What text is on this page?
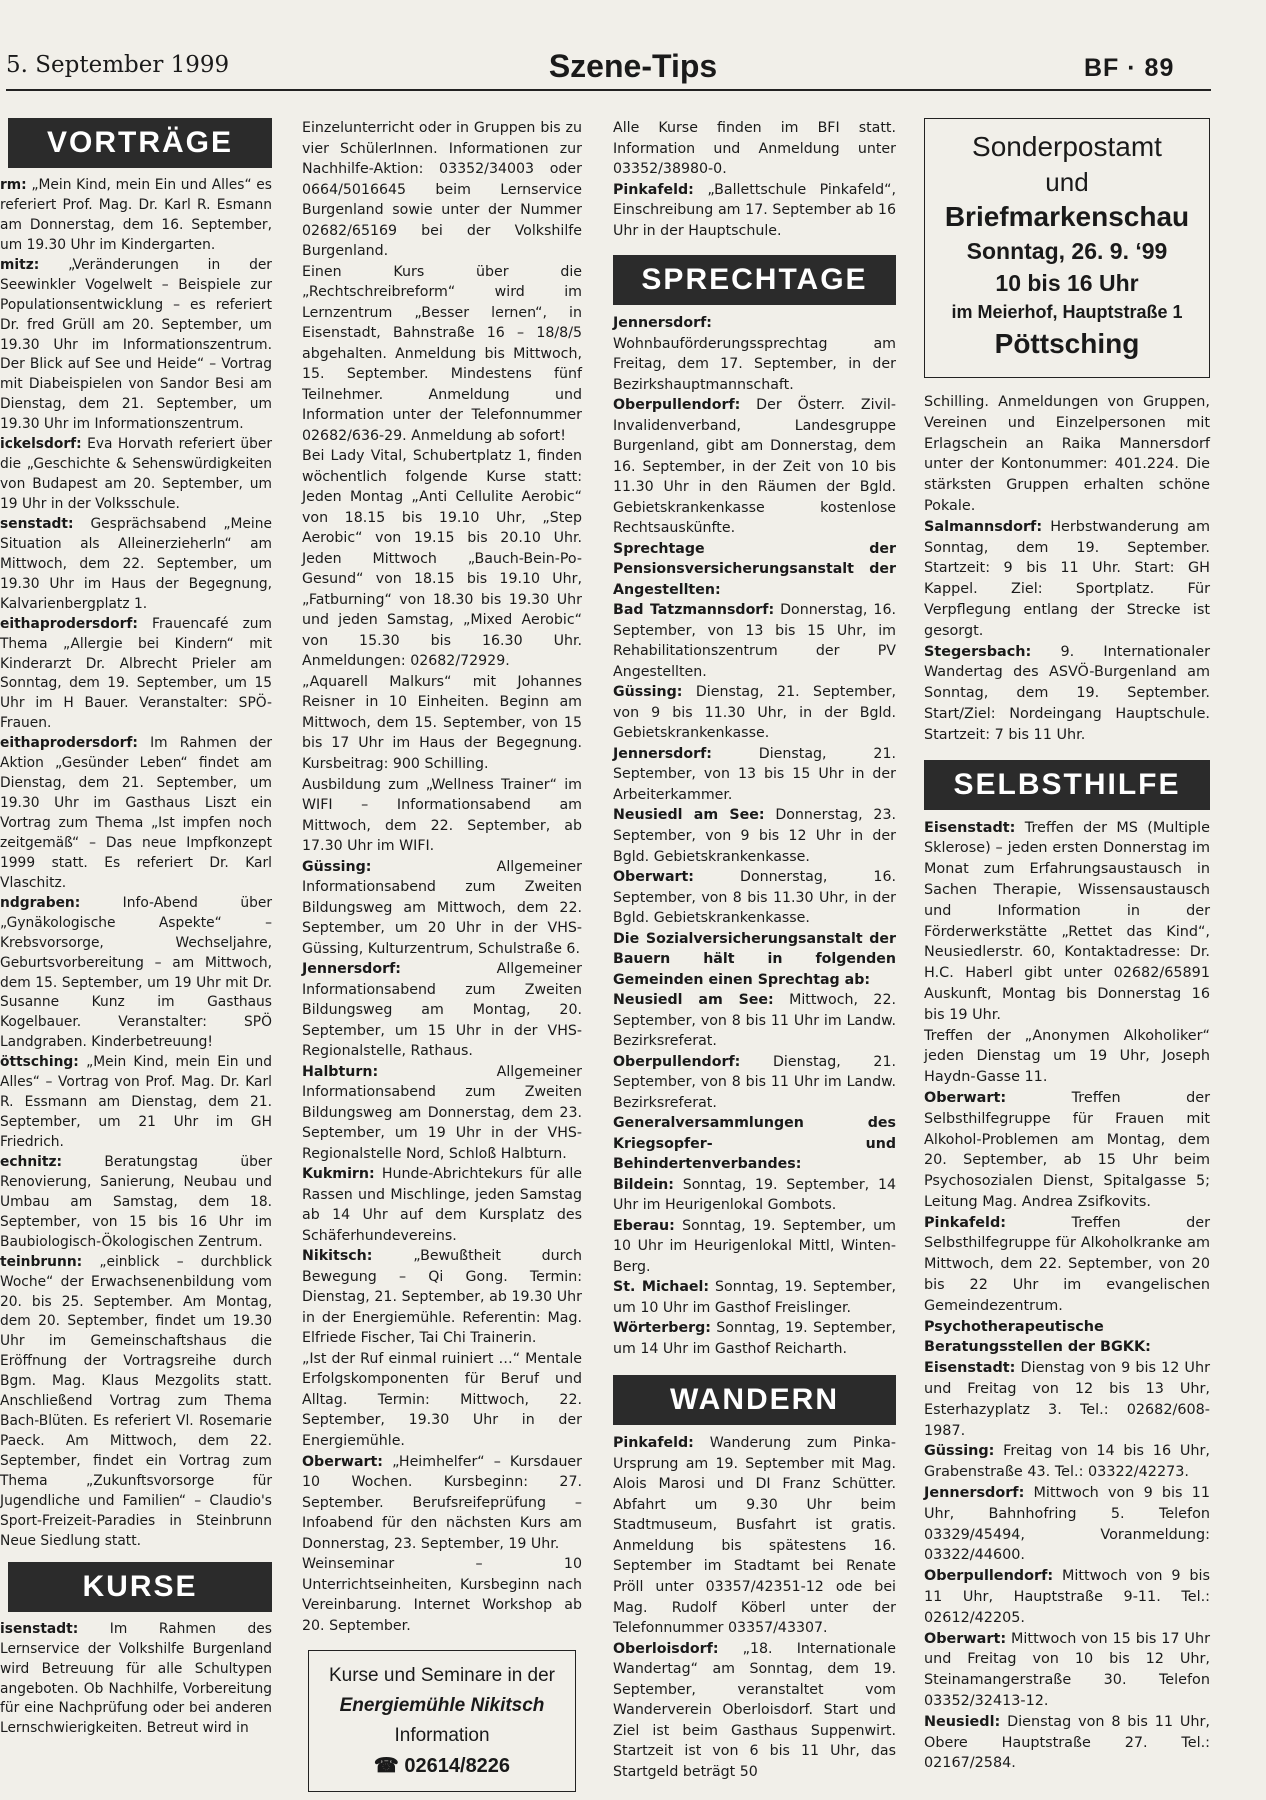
5. September 1999	Szene-Tips	BF · 89
VORTRÄGE

rm: „Mein Kind, mein Ein und Alles“ es referiert Prof. Mag. Dr. Karl R. Esmann am Donnerstag, dem 16. September, um 19.30 Uhr im Kindergarten.

mitz: „Veränderungen in der Seewinkler Vogelwelt – Beispiele zur Populationsentwicklung – es referiert Dr. fred Grüll am 20. September, um 19.30 Uhr im Informationszentrum. Der Blick auf See und Heide“ – Vortrag mit Diabeispielen von Sandor Besi am Dienstag, dem 21. September, um 19.30 Uhr im Informationszentrum.

ickelsdorf: Eva Horvath referiert über die „Geschichte & Sehenswürdigkeiten von Budapest am 20. September, um 19 Uhr in der Volksschule.

senstadt: Gesprächsabend „Meine Situation als Alleinerzieherln“ am Mittwoch, dem 22. September, um 19.30 Uhr im Haus der Begegnung, Kalvarienbergplatz 1.

eithaprodersdorf: Frauencafé zum Thema „Allergie bei Kindern“ mit Kinderarzt Dr. Albrecht Prieler am Sonntag, dem 19. September, um 15 Uhr im H Bauer. Veranstalter: SPÖ-Frauen.

eithaprodersdorf: Im Rahmen der Aktion „Gesünder Leben“ findet am Dienstag, dem 21. September, um 19.30 Uhr im Gasthaus Liszt ein Vortrag zum Thema „Ist impfen noch zeitgemäß“ – Das neue Impfkonzept 1999 statt. Es referiert Dr. Karl Vlaschitz.

ndgraben: Info-Abend über „Gynäkologische Aspekte“ – Krebsvorsorge, Wechseljahre, Geburtsvorbereitung – am Mittwoch, dem 15. September, um 19 Uhr mit Dr. Susanne Kunz im Gasthaus Kogelbauer. Veranstalter: SPÖ Landgraben. Kinderbetreuung!

öttsching: „Mein Kind, mein Ein und Alles“ – Vortrag von Prof. Mag. Dr. Karl R. Essmann am Dienstag, dem 21. September, um 21 Uhr im GH Friedrich.

echnitz: Beratungstag über Renovierung, Sanierung, Neubau und Umbau am Samstag, dem 18. September, von 15 bis 16 Uhr im Baubiologisch-Ökologischen Zentrum.

teinbrunn: „einblick – durchblick Woche“ der Erwachsenenbildung vom 20. bis 25. September. Am Montag, dem 20. September, findet um 19.30 Uhr im Gemeinschaftshaus die Eröffnung der Vortragsreihe durch Bgm. Mag. Klaus Mezgolits statt. Anschließend Vortrag zum Thema Bach-Blüten. Es referiert Vl. Rosemarie Paeck. Am Mittwoch, dem 22. September, findet ein Vortrag zum Thema „Zukunftsvorsorge für Jugendliche und Familien“ – Claudio's Sport-Freizeit-Paradies in Steinbrunn Neue Siedlung statt.

KURSE

isenstadt: Im Rahmen des Lernservice der Volkshilfe Burgenland wird Betreuung für alle Schultypen angeboten. Ob Nachhilfe, Vorbereitung für eine Nachprüfung oder bei anderen Lernschwierigkeiten. Betreut wird in

Einzelunterricht oder in Gruppen bis zu vier SchülerInnen. Informationen zur Nachhilfe-Aktion: 03352/34003 oder 0664/5016645 beim Lernservice Burgenland sowie unter der Nummer 02682/65169 bei der Volkshilfe Burgenland.

Einen Kurs über die „Rechtschreibreform“ wird im Lernzentrum „Besser lernen“, in Eisenstadt, Bahnstraße 16 – 18/8/5 abgehalten. Anmeldung bis Mittwoch, 15. September. Mindestens fünf Teilnehmer. Anmeldung und Information unter der Telefonnummer 02682/636-29. Anmeldung ab sofort!

Bei Lady Vital, Schubertplatz 1, finden wöchentlich folgende Kurse statt: Jeden Montag „Anti Cellulite Aerobic“ von 18.15 bis 19.10 Uhr, „Step Aerobic“ von 19.15 bis 20.10 Uhr. Jeden Mittwoch „Bauch-Bein-Po-Gesund“ von 18.15 bis 19.10 Uhr, „Fatburning“ von 18.30 bis 19.30 Uhr und jeden Samstag, „Mixed Aerobic“ von 15.30 bis 16.30 Uhr. Anmeldungen: 02682/72929.

„Aquarell Malkurs“ mit Johannes Reisner in 10 Einheiten. Beginn am Mittwoch, dem 15. September, von 15 bis 17 Uhr im Haus der Begegnung. Kursbeitrag: 900 Schilling.

Ausbildung zum „Wellness Trainer“ im WIFI – Informationsabend am Mittwoch, dem 22. September, ab 17.30 Uhr im WIFI.

Güssing: Allgemeiner Informationsabend zum Zweiten Bildungsweg am Mittwoch, dem 22. September, um 20 Uhr in der VHS-Güssing, Kulturzentrum, Schulstraße 6.

Jennersdorf: Allgemeiner Informationsabend zum Zweiten Bildungsweg am Montag, 20. September, um 15 Uhr in der VHS-Regionalstelle, Rathaus.

Halbturn: Allgemeiner Informationsabend zum Zweiten Bildungsweg am Donnerstag, dem 23. September, um 19 Uhr in der VHS-Regionalstelle Nord, Schloß Halbturn.

Kukmirn: Hunde-Abrichtekurs für alle Rassen und Mischlinge, jeden Samstag ab 14 Uhr auf dem Kursplatz des Schäferhundevereins.

Nikitsch: „Bewußtheit durch Bewegung – Qi Gong. Termin: Dienstag, 21. September, ab 19.30 Uhr in der Energiemühle. Referentin: Mag. Elfriede Fischer, Tai Chi Trainerin.

„Ist der Ruf einmal ruiniert …“ Mentale Erfolgskomponenten für Beruf und Alltag. Termin: Mittwoch, 22. September, 19.30 Uhr in der Energiemühle.

Oberwart: „Heimhelfer“ – Kursdauer 10 Wochen. Kursbeginn: 27. September. Berufsreifeprüfung – Infoabend für den nächsten Kurs am Donnerstag, 23. September, 19 Uhr.

Weinseminar – 10 Unterrichtseinheiten, Kursbeginn nach Vereinbarung. Internet Workshop ab 20. September.

Kurse und Seminare in der
Energiemühle Nikitsch
Information
☎ 02614/8226

Alle Kurse finden im BFI statt. Information und Anmeldung unter 03352/38980-0.

Pinkafeld: „Ballettschule Pinkafeld“, Einschreibung am 17. September ab 16 Uhr in der Hauptschule.

SPRECHTAGE

Jennersdorf: Wohnbauförderungssprechtag am Freitag, dem 17. September, in der Bezirkshauptmannschaft.

Oberpullendorf: Der Österr. Zivil-Invalidenverband, Landesgruppe Burgenland, gibt am Donnerstag, dem 16. September, in der Zeit von 10 bis 11.30 Uhr in den Räumen der Bgld. Gebietskrankenkasse kostenlose Rechtsauskünfte.

Sprechtage der Pensionsversicherungsanstalt der Angestellten:

Bad Tatzmannsdorf: Donnerstag, 16. September, von 13 bis 15 Uhr, im Rehabilitationszentrum der PV Angestellten.

Güssing: Dienstag, 21. September, von 9 bis 11.30 Uhr, in der Bgld. Gebietskrankenkasse.

Jennersdorf: Dienstag, 21. September, von 13 bis 15 Uhr in der Arbeiterkammer.

Neusiedl am See: Donnerstag, 23. September, von 9 bis 12 Uhr in der Bgld. Gebietskrankenkasse.

Oberwart: Donnerstag, 16. September, von 8 bis 11.30 Uhr, in der Bgld. Gebietskrankenkasse.

Die Sozialversicherungsanstalt der Bauern hält in folgenden Gemeinden einen Sprechtag ab:

Neusiedl am See: Mittwoch, 22. September, von 8 bis 11 Uhr im Landw. Bezirksreferat.

Oberpullendorf: Dienstag, 21. September, von 8 bis 11 Uhr im Landw. Bezirksreferat.

Generalversammlungen des Kriegsopfer- und Behindertenverbandes:

Bildein: Sonntag, 19. September, 14 Uhr im Heurigenlokal Gombots.

Eberau: Sonntag, 19. September, um 10 Uhr im Heurigenlokal Mittl, Winten-Berg.

St. Michael: Sonntag, 19. September, um 10 Uhr im Gasthof Freislinger.

Wörterberg: Sonntag, 19. September, um 14 Uhr im Gasthof Reicharth.

WANDERN

Pinkafeld: Wanderung zum Pinka-Ursprung am 19. September mit Mag. Alois Marosi und DI Franz Schütter. Abfahrt um 9.30 Uhr beim Stadtmuseum, Busfahrt ist gratis. Anmeldung bis spätestens 16. September im Stadtamt bei Renate Pröll unter 03357/42351-12 ode bei Mag. Rudolf Köberl unter der Telefonnummer 03357/43307.

Oberloisdorf: „18. Internationale Wandertag“ am Sonntag, dem 19. September, veranstaltet vom Wanderverein Oberloisdorf. Start und Ziel ist beim Gasthaus Suppenwirt. Startzeit ist von 6 bis 11 Uhr, das Startgeld beträgt 50

Sonderpostamt
und
Briefmarkenschau
Sonntag, 26. 9. ‘99
10 bis 16 Uhr
im Meierhof, Hauptstraße 1
Pöttsching

Schilling. Anmeldungen von Gruppen, Vereinen und Einzelpersonen mit Erlagschein an Raika Mannersdorf unter der Kontonummer: 401.224. Die stärksten Gruppen erhalten schöne Pokale.

Salmannsdorf: Herbstwanderung am Sonntag, dem 19. September. Startzeit: 9 bis 11 Uhr. Start: GH Kappel. Ziel: Sportplatz. Für Verpflegung entlang der Strecke ist gesorgt.

Stegersbach: 9. Internationaler Wandertag des ASVÖ-Burgenland am Sonntag, dem 19. September. Start/Ziel: Nordeingang Hauptschule. Startzeit: 7 bis 11 Uhr.

SELBSTHILFE

Eisenstadt: Treffen der MS (Multiple Sklerose) – jeden ersten Donnerstag im Monat zum Erfahrungsaustausch in Sachen Therapie, Wissensaustausch und Information in der Förderwerkstätte „Rettet das Kind“, Neusiedlerstr. 60, Kontaktadresse: Dr. H.C. Haberl gibt unter 02682/65891 Auskunft, Montag bis Donnerstag 16 bis 19 Uhr.

Treffen der „Anonymen Alkoholiker“ jeden Dienstag um 19 Uhr, Joseph Haydn-Gasse 11.

Oberwart: Treffen der Selbsthilfegruppe für Frauen mit Alkohol-Problemen am Montag, dem 20. September, ab 15 Uhr beim Psychosozialen Dienst, Spitalgasse 5; Leitung Mag. Andrea Zsifkovits.

Pinkafeld: Treffen der Selbsthilfegruppe für Alkoholkranke am Mittwoch, dem 22. September, von 20 bis 22 Uhr im evangelischen Gemeindezentrum.

Psychotherapeutische Beratungsstellen der BGKK:

Eisenstadt: Dienstag von 9 bis 12 Uhr und Freitag von 12 bis 13 Uhr, Esterhazyplatz 3. Tel.: 02682/608-1987.

Güssing: Freitag von 14 bis 16 Uhr, Grabenstraße 43. Tel.: 03322/42273.

Jennersdorf: Mittwoch von 9 bis 11 Uhr, Bahnhofring 5. Telefon 03329/45494, Voranmeldung: 03322/44600.

Oberpullendorf: Mittwoch von 9 bis 11 Uhr, Hauptstraße 9-11. Tel.: 02612/42205.

Oberwart: Mittwoch von 15 bis 17 Uhr und Freitag von 10 bis 12 Uhr, Steinamangerstraße 30. Telefon 03352/32413-12.

Neusiedl: Dienstag von 8 bis 11 Uhr, Obere Hauptstraße 27. Tel.: 02167/2584.
